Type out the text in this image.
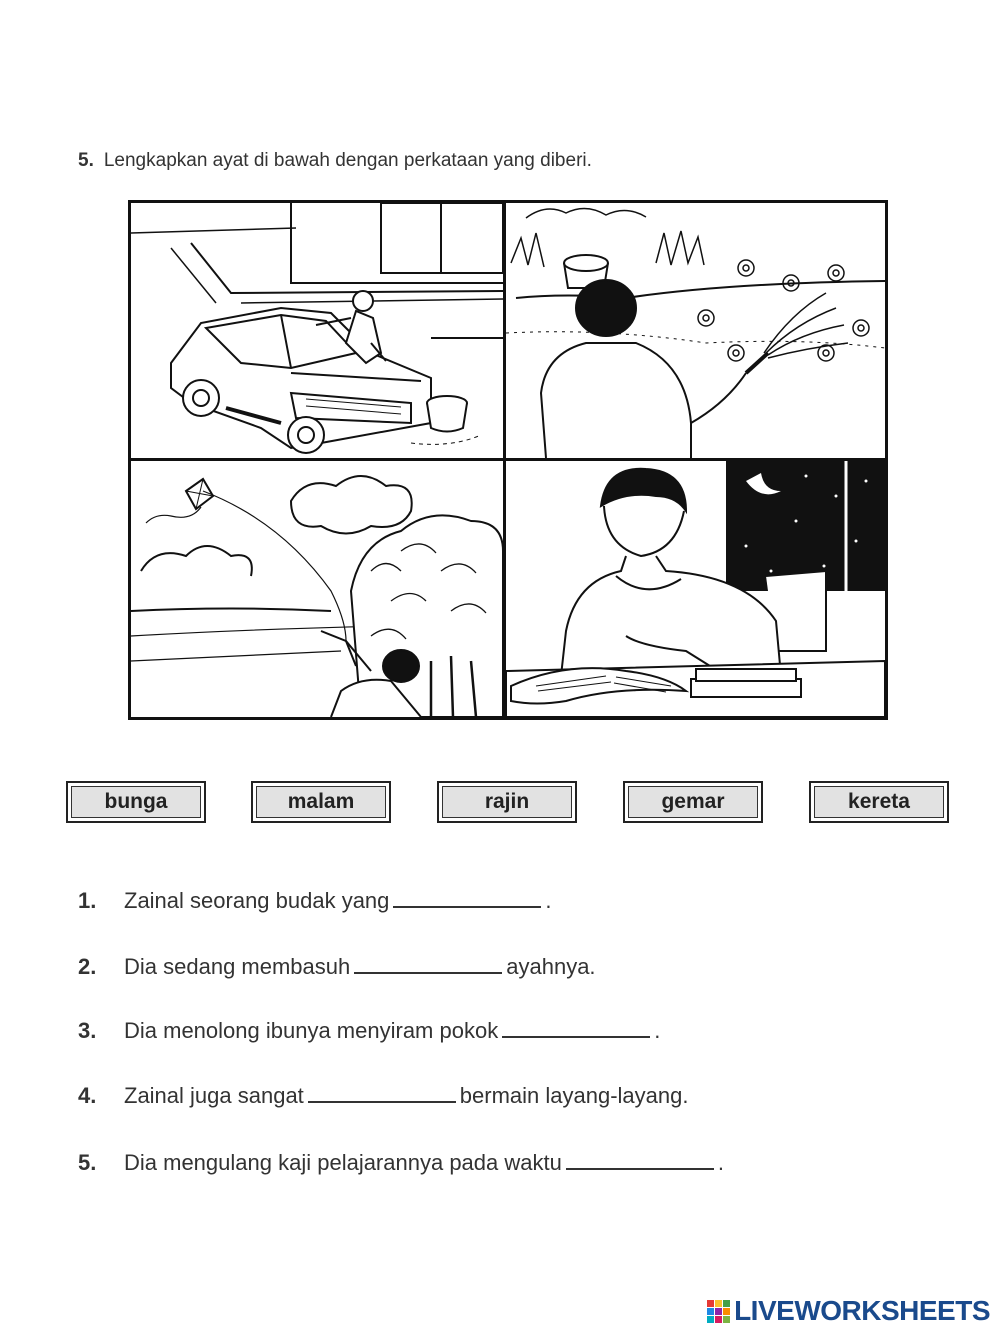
5. Lengkapkan ayat di bawah dengan perkataan yang diberi.
bunga	malam	rajin	gemar	kereta
1. Zainal seorang budak yang	.
2. Dia sedang membasuh	ayahnya.
3. Dia menolong ibunya menyiram pokok	.
4. Zainal juga sangat	bermain layang-layang.
5. Dia mengulang kaji pelajarannya pada waktu	.
LIVEWORKSHEETS
